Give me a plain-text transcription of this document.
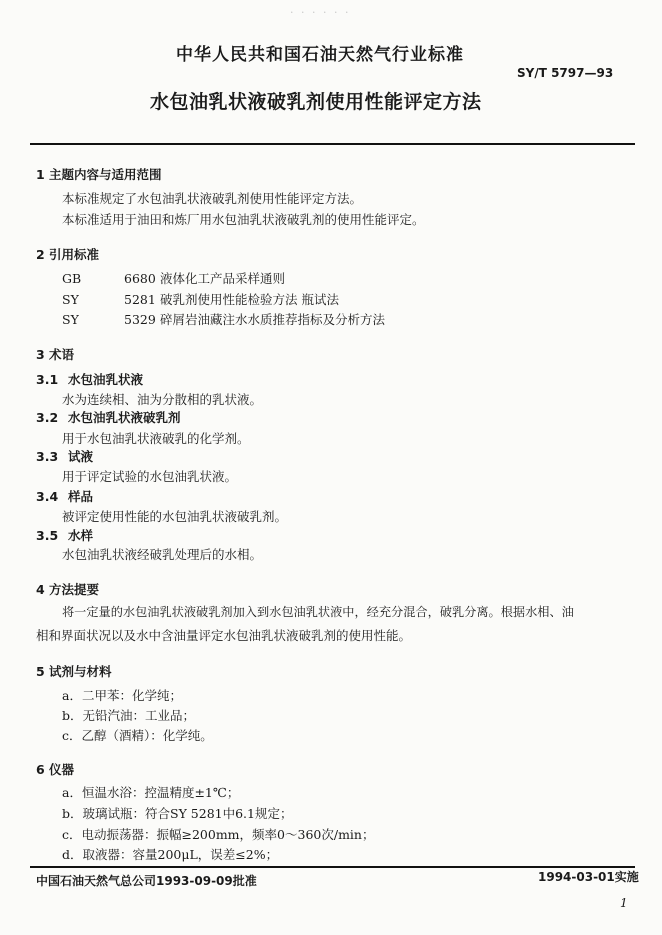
· · · · · ·
中华人民共和国石油天然气行业标准
SY/T 5797—93
水包油乳状液破乳剂使用性能评定方法
1 主题内容与适用范围
本标准规定了水包油乳状液破乳剂使用性能评定方法。
本标准适用于油田和炼厂用水包油乳状液破乳剂的使用性能评定。
2 引用标准
GB	6680 液体化工产品采样通则
SY	5281 破乳剂使用性能检验方法 瓶试法
SY	5329 碎屑岩油藏注水水质推荐指标及分析方法
3 术语
3.1 水包油乳状液
水为连续相、油为分散相的乳状液。
3.2 水包油乳状液破乳剂
用于水包油乳状液破乳的化学剂。
3.3 试液
用于评定试验的水包油乳状液。
3.4 样品
被评定使用性能的水包油乳状液破乳剂。
3.5 水样
水包油乳状液经破乳处理后的水相。
4 方法提要
将一定量的水包油乳状液破乳剂加入到水包油乳状液中，经充分混合，破乳分离。根据水相、油
相和界面状况以及水中含油量评定水包油乳状液破乳剂的使用性能。
5 试剂与材料
a．二甲苯：化学纯；
b．无铅汽油：工业品；
c．乙醇（酒精）：化学纯。
6 仪器
a．恒温水浴：控温精度±1℃；
b．玻璃试瓶：符合SY 5281中6.1规定；
c．电动振荡器：振幅≥200mm，频率0～360次/min；
d．取液器：容量200μL，误差≤2%；
中国石油天然气总公司1993-09-09批准	1994-03-01实施
1
